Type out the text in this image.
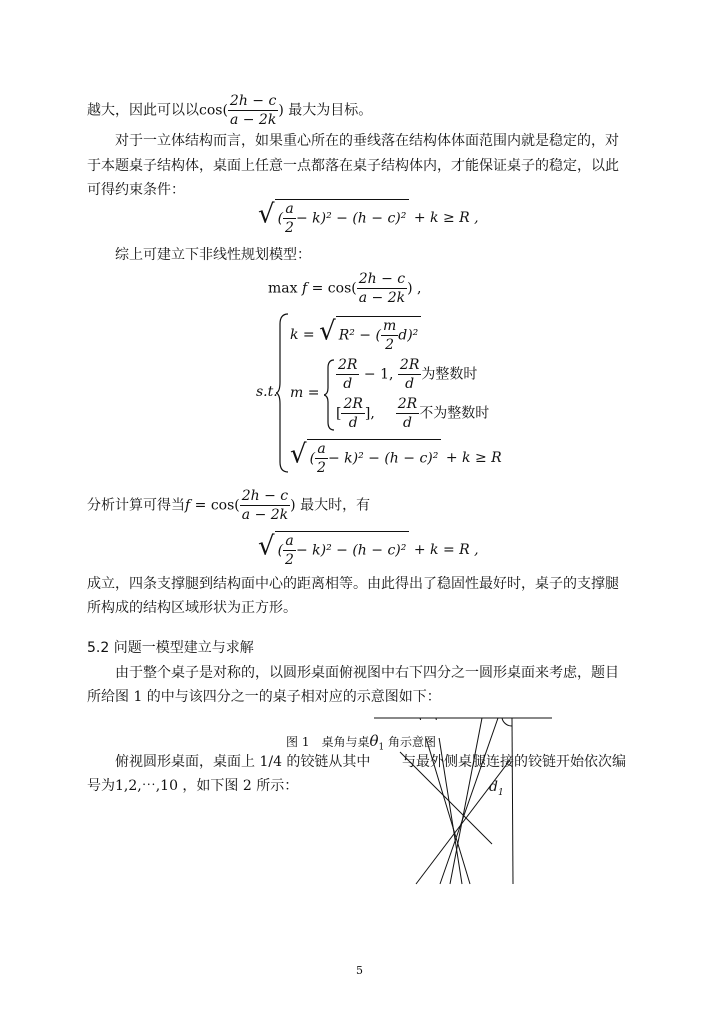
越大，因此可以以$\cos( \frac{2h - c}{a - 2k}$ ) 最大为目标。
对于一立体结构而言，如果重心所在的垂线落在结构体体面范围内就是稳定的，对
于本题桌子结构体，桌面上任意一点都落在桌子结构体内，才能保证桌子的稳定，以此
可得约束条件：
√ ( $\frac{a}{2} - k)^2 - (h - c)^2 + k \ge R$ ,
综上可建立下非线性规划模型：
$\max f = \cos( \frac{2h - c}{a - 2k}$ ) ,
s.t.
k = √ R² − ( $\frac{m}{2} d)^2$
$m = \frac{2R}{d} - 1$, $\frac{2R}{d}$ 为整数时
[ $\frac{2R}{d}$ ], $\frac{2R}{d}$ 不为整数时
√ ( $\frac{a}{2} - k)^2 - (h - c)^2 + k \ge R$
分析计算可得当$f = \cos( \frac{2h - c}{a - 2k}$ ) 最大时，有
√ ( $\frac{a}{2} - k)^2 - (h - c)^2 + k = R$ ,
成立，四条支撑腿到结构面中心的距离相等。由此得出了稳固性最好时，桌子的支撑腿
所构成的结构区域形状为正方形。
5.2 问题一模型建立与求解
由于整个桌子是对称的，以圆形桌面俯视图中右下四分之一圆形桌面来考虑，题目
所给图 1 的中与该四分之一的桌子相对应的示意图如下：
图 1　桌角与桌$\theta_1$ 角示意图
$d_1$
俯视圆形桌面，桌面上 1/4 的铰链从其中 与最外侧桌腿连接的铰链开始依次编
号为1,2,⋯,10 ，如下图 2 所示：
5
